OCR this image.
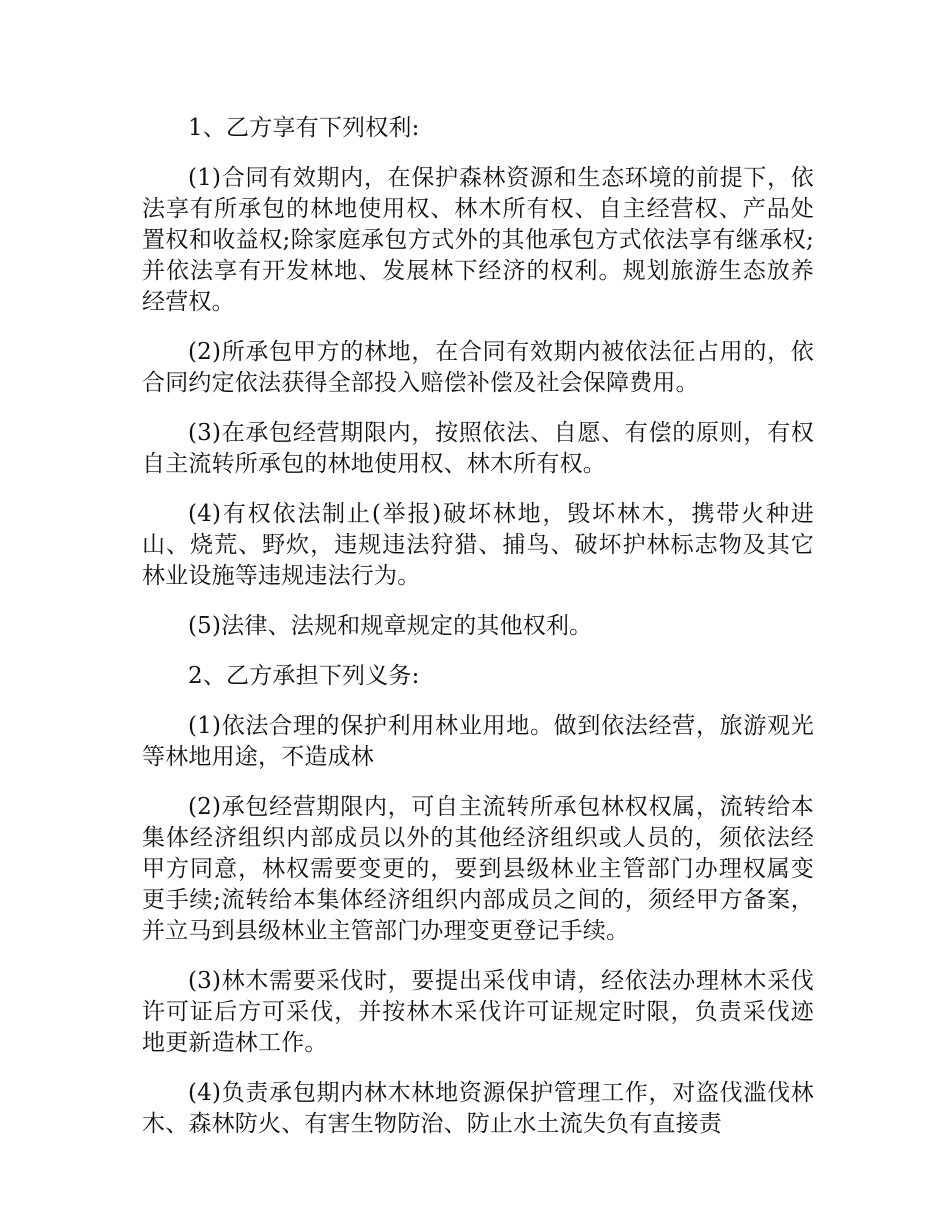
1、乙方享有下列权利:

(1)合同有效期内，在保护森林资源和生态环境的前提下，依法享有所承包的林地使用权、林木所有权、自主经营权、产品处置权和收益权;除家庭承包方式外的其他承包方式依法享有继承权;并依法享有开发林地、发展林下经济的权利。规划旅游生态放养经营权。

(2)所承包甲方的林地，在合同有效期内被依法征占用的，依合同约定依法获得全部投入赔偿补偿及社会保障费用。

(3)在承包经营期限内，按照依法、自愿、有偿的原则，有权自主流转所承包的林地使用权、林木所有权。

(4)有权依法制止(举报)破坏林地，毁坏林木，携带火种进山、烧荒、野炊，违规违法狩猎、捕鸟、破坏护林标志物及其它林业设施等违规违法行为。

(5)法律、法规和规章规定的其他权利。

2、乙方承担下列义务:

(1)依法合理的保护利用林业用地。做到依法经营，旅游观光等林地用途，不造成林

(2)承包经营期限内，可自主流转所承包林权权属，流转给本集体经济组织内部成员以外的其他经济组织或人员的，须依法经甲方同意，林权需要变更的，要到县级林业主管部门办理权属变更手续;流转给本集体经济组织内部成员之间的，须经甲方备案，并立马到县级林业主管部门办理变更登记手续。

(3)林木需要采伐时，要提出采伐申请，经依法办理林木采伐许可证后方可采伐，并按林木采伐许可证规定时限，负责采伐迹地更新造林工作。

(4)负责承包期内林木林地资源保护管理工作，对盗伐滥伐林木、森林防火、有害生物防治、防止水土流失负有直接责
